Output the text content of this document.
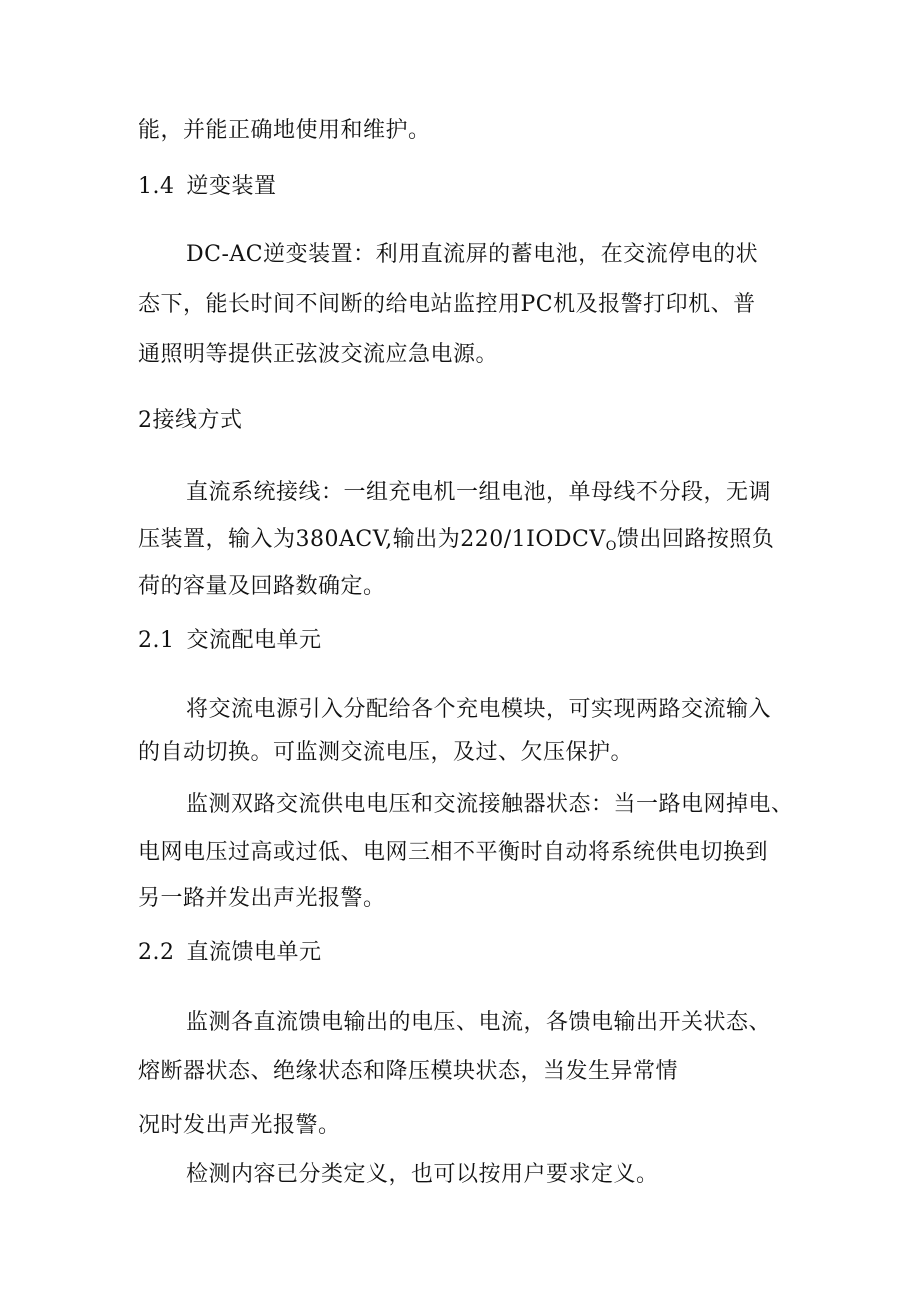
能，并能正确地使用和维护。

1.4 逆变装置

DC-AC逆变装置：利用直流屏的蓄电池，在交流停电的状

态下，能长时间不间断的给电站监控用PC机及报警打印机、普

通照明等提供正弦波交流应急电源。

2接线方式

直流系统接线：一组充电机一组电池，单母线不分段，无调

压装置，输入为380ACV,输出为$220/1IODCV_O$馈出回路按照负

荷的容量及回路数确定。

2.1 交流配电单元

将交流电源引入分配给各个充电模块，可实现两路交流输入

的自动切换。可监测交流电压，及过、欠压保护。

监测双路交流供电电压和交流接触器状态：当一路电网掉电、

电网电压过高或过低、电网三相不平衡时自动将系统供电切换到

另一路并发出声光报警。

2.2 直流馈电单元

监测各直流馈电输出的电压、电流，各馈电输出开关状态、

熔断器状态、绝缘状态和降压模块状态，当发生异常情

况时发出声光报警。

检测内容已分类定义，也可以按用户要求定义。
